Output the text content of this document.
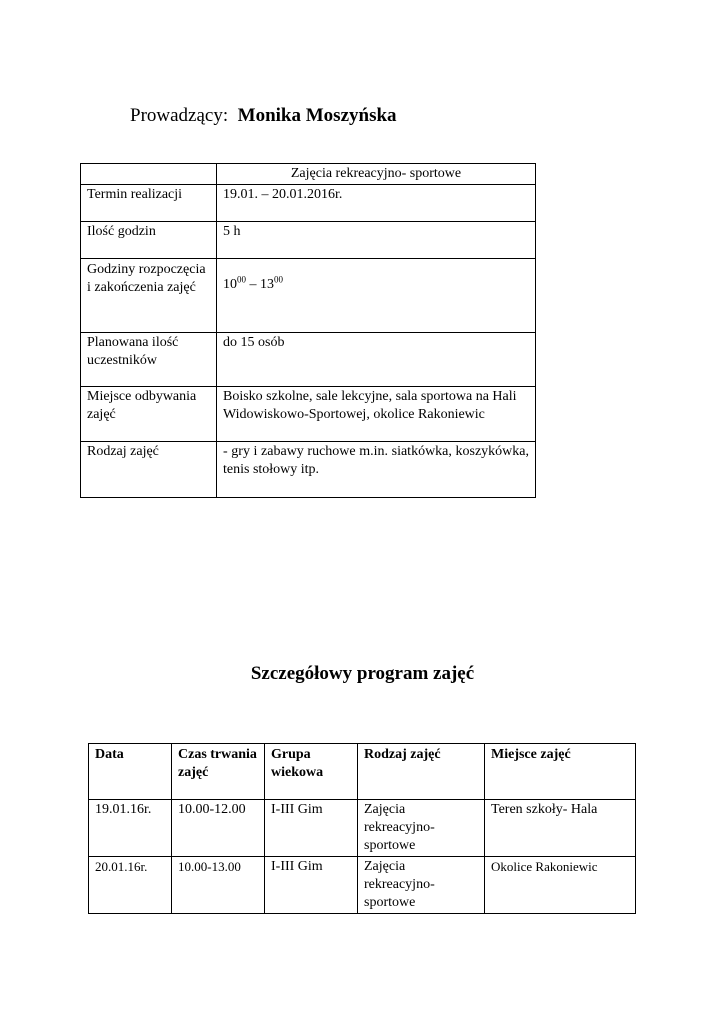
Prowadzący: Monika Moszyńska
	Zajęcia rekreacyjno- sportowe
Termin realizacji	19.01. – 20.01.2016r.
Ilość godzin	5 h
Godziny rozpoczęcia i zakończenia zajęć	$10^{00} - 13^{00}$
Planowana ilość uczestników	do 15 osób
Miejsce odbywania zajęć	Boisko szkolne, sale lekcyjne, sala sportowa na Hali Widowiskowo-Sportowej, okolice Rakoniewic
Rodzaj zajęć	- gry i zabawy ruchowe m.in. siatkówka, koszykówka, tenis stołowy itp.
Szczegółowy program zajęć
Data	Czas trwania zajęć	Grupa wiekowa	Rodzaj zajęć	Miejsce zajęć
19.01.16r.	10.00-12.00	I-III Gim	Zajęcia rekreacyjno-sportowe	Teren szkoły- Hala
20.01.16r.	10.00-13.00	I-III Gim	Zajęcia rekreacyjno-sportowe	Okolice Rakoniewic
